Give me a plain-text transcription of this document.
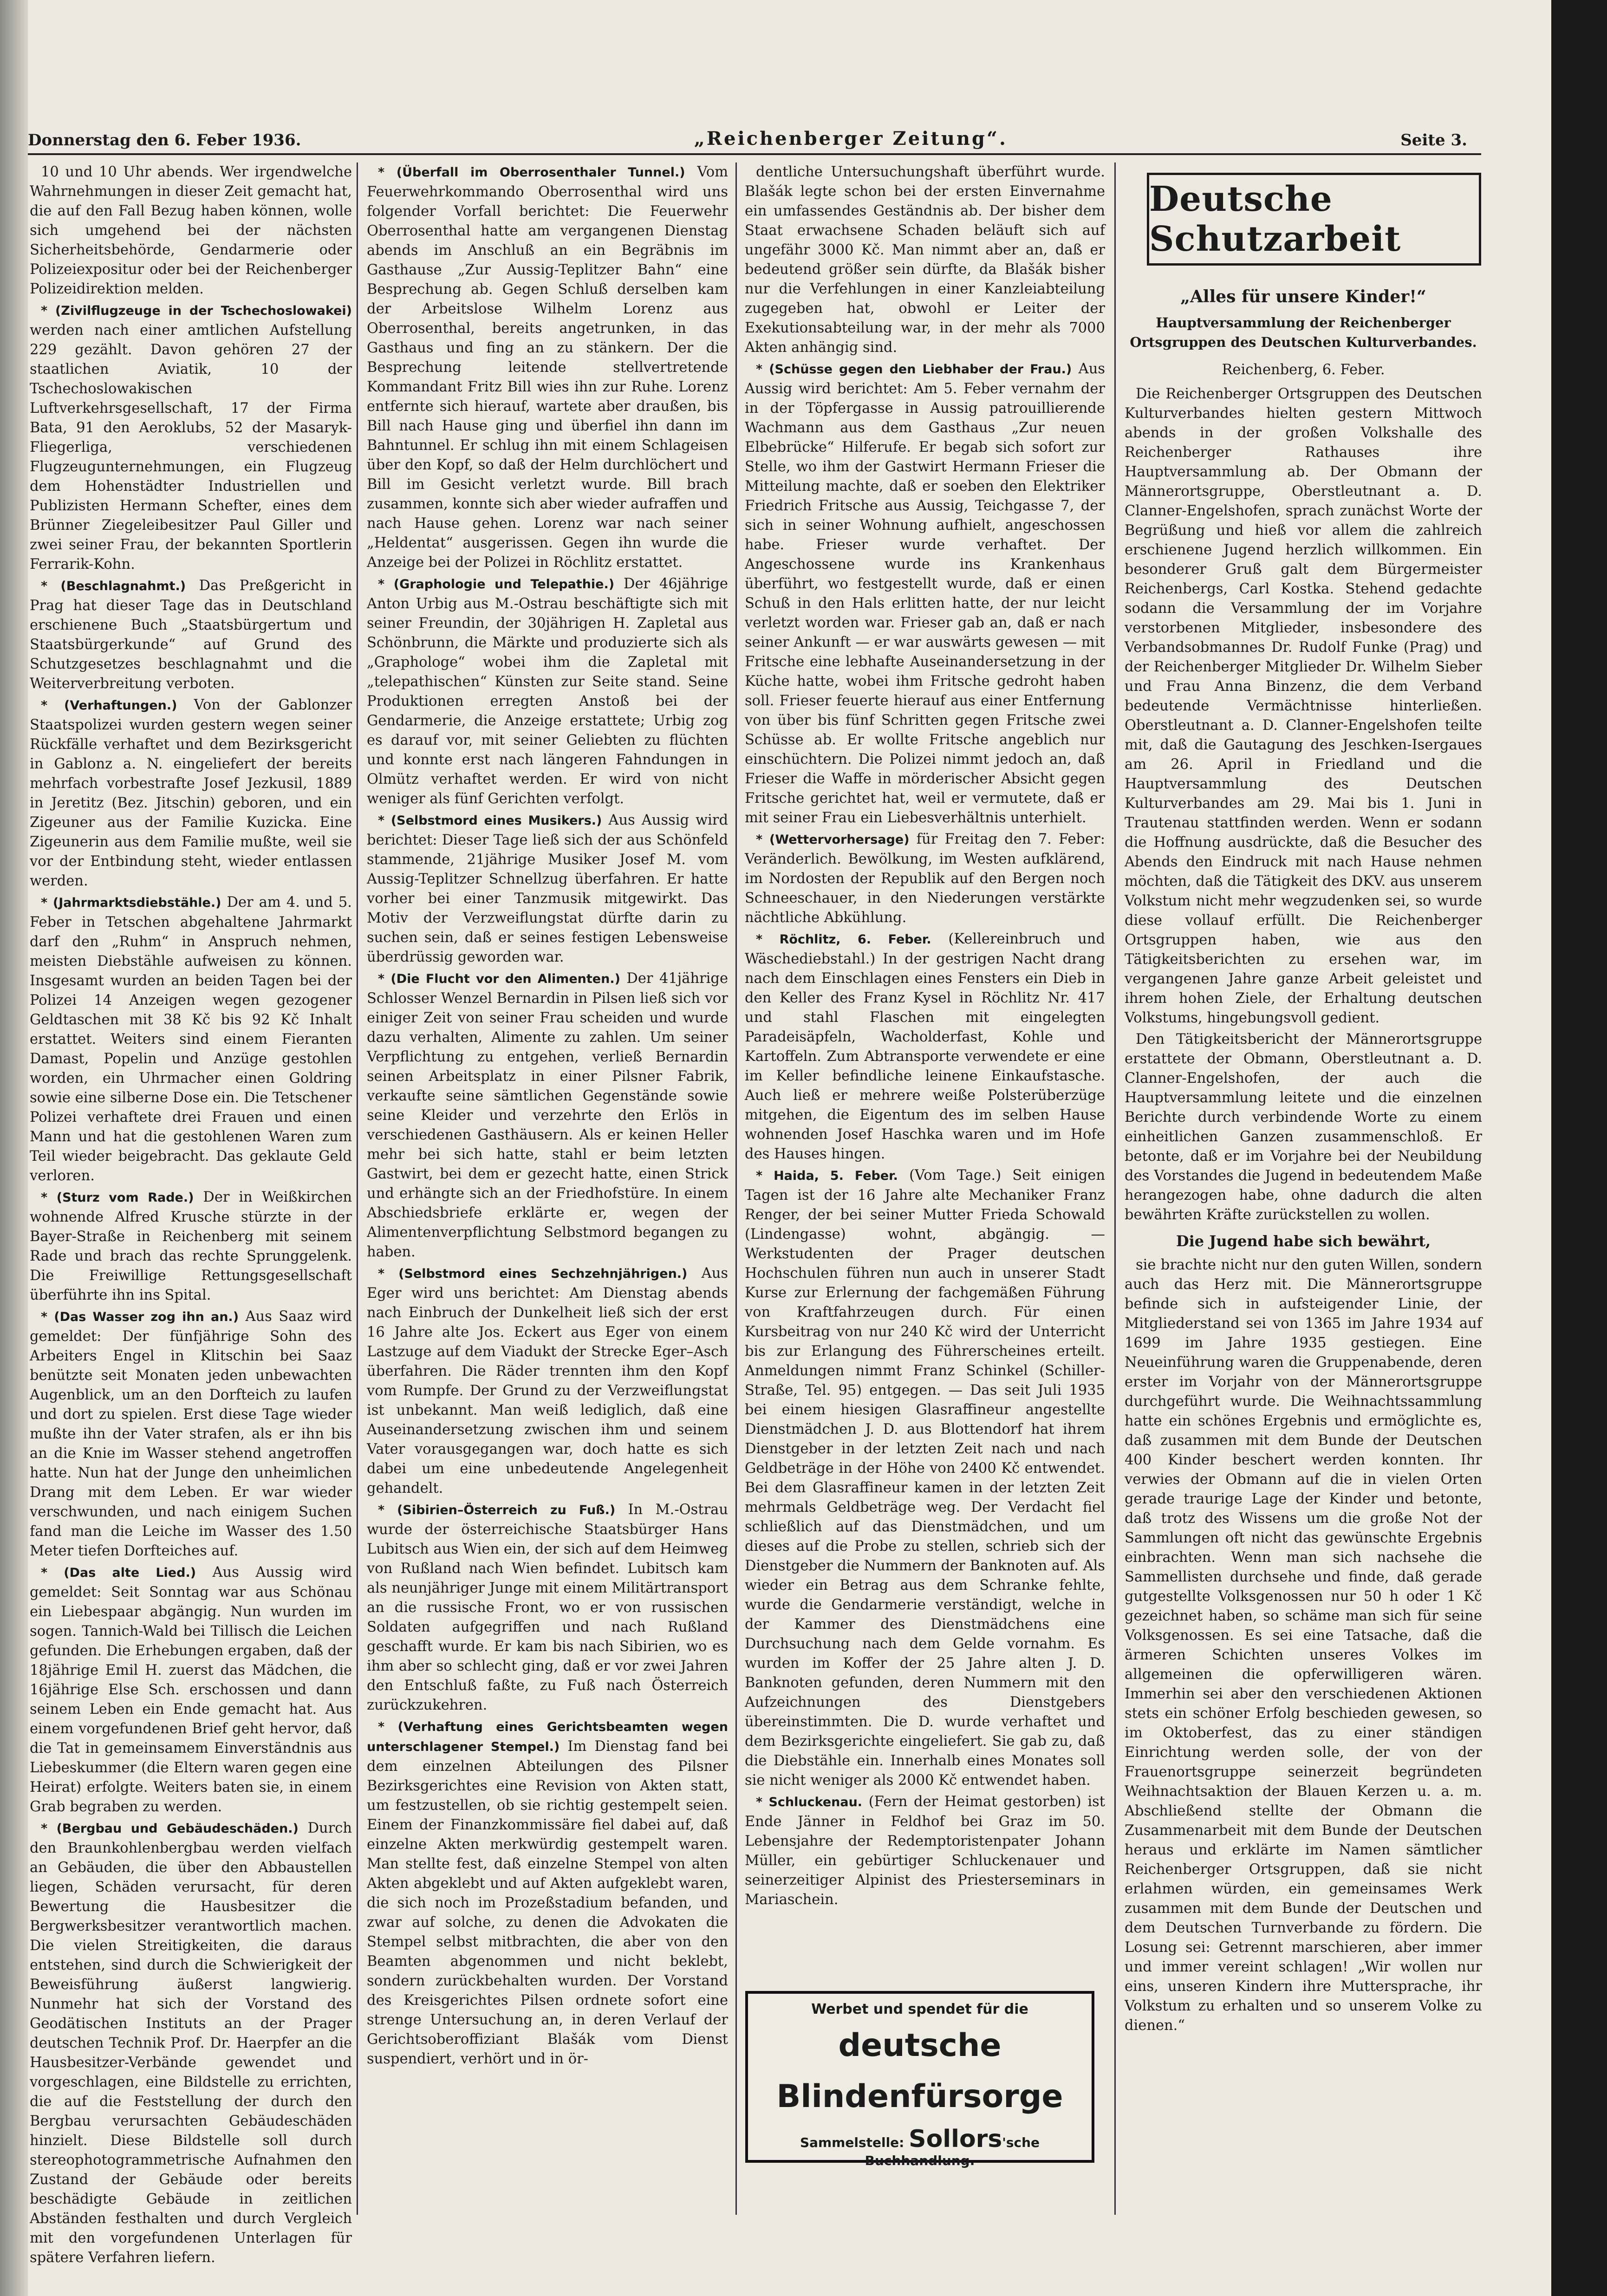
Donnerstag den 6. Feber 1936.	„Reichenberger Zeitung“.	Seite 3.

10 und 10 Uhr abends. Wer irgendwelche Wahrnehmungen in dieser Zeit gemacht hat, die auf den Fall Bezug haben können, wolle sich umgehend bei der nächsten Sicherheitsbehörde, Gendarmerie oder Polizeiexpositur oder bei der Reichenberger Polizeidirektion melden.

* (Zivilflugzeuge in der Tschechoslowakei) werden nach einer amtlichen Aufstellung 229 gezählt. Davon gehören 27 der staatlichen Aviatik, 10 der Tschechoslowakischen Luftverkehrsgesellschaft, 17 der Firma Bata, 91 den Aeroklubs, 52 der Masaryk-Fliegerliga, verschiedenen Flugzeugunternehmungen, ein Flugzeug dem Hohenstädter Industriellen und Publizisten Hermann Schefter, eines dem Brünner Ziegeleibesitzer Paul Giller und zwei seiner Frau, der bekannten Sportlerin Ferrarik-Kohn.

* (Beschlagnahmt.) Das Preßgericht in Prag hat dieser Tage das in Deutschland erschienene Buch „Staatsbürgertum und Staatsbürgerkunde“ auf Grund des Schutzgesetzes beschlagnahmt und die Weiterverbreitung verboten.

* (Verhaftungen.) Von der Gablonzer Staatspolizei wurden gestern wegen seiner Rückfälle verhaftet und dem Bezirksgericht in Gablonz a. N. eingeliefert der bereits mehrfach vorbestrafte Josef Jezkusil, 1889 in Jeretitz (Bez. Jitschin) geboren, und ein Zigeuner aus der Familie Kuzicka. Eine Zigeunerin aus dem Familie mußte, weil sie vor der Entbindung steht, wieder entlassen werden.

* (Jahrmarktsdiebstähle.) Der am 4. und 5. Feber in Tetschen abgehaltene Jahrmarkt darf den „Ruhm“ in Anspruch nehmen, meisten Diebstähle aufweisen zu können. Insgesamt wurden an beiden Tagen bei der Polizei 14 Anzeigen wegen gezogener Geldtaschen mit 38 Kč bis 92 Kč Inhalt erstattet. Weiters sind einem Fieranten Damast, Popelin und Anzüge gestohlen worden, ein Uhrmacher einen Goldring sowie eine silberne Dose ein. Die Tetschener Polizei verhaftete drei Frauen und einen Mann und hat die gestohlenen Waren zum Teil wieder beigebracht. Das geklaute Geld verloren.

* (Sturz vom Rade.) Der in Weißkirchen wohnende Alfred Krusche stürzte in der Bayer-Straße in Reichenberg mit seinem Rade und brach das rechte Sprunggelenk. Die Freiwillige Rettungsgesellschaft überführte ihn ins Spital.

* (Das Wasser zog ihn an.) Aus Saaz wird gemeldet: Der fünfjährige Sohn des Arbeiters Engel in Klitschin bei Saaz benützte seit Monaten jeden unbewachten Augenblick, um an den Dorfteich zu laufen und dort zu spielen. Erst diese Tage wieder mußte ihn der Vater strafen, als er ihn bis an die Knie im Wasser stehend angetroffen hatte. Nun hat der Junge den unheimlichen Drang mit dem Leben. Er war wieder verschwunden, und nach einigem Suchen fand man die Leiche im Wasser des 1.50 Meter tiefen Dorfteiches auf.

* (Das alte Lied.) Aus Aussig wird gemeldet: Seit Sonntag war aus Schönau ein Liebespaar abgängig. Nun wurden im sogen. Tannich-Wald bei Tillisch die Leichen gefunden. Die Erhebungen ergaben, daß der 18jährige Emil H. zuerst das Mädchen, die 16jährige Else Sch. erschossen und dann seinem Leben ein Ende gemacht hat. Aus einem vorgefundenen Brief geht hervor, daß die Tat in gemeinsamem Einverständnis aus Liebeskummer (die Eltern waren gegen eine Heirat) erfolgte. Weiters baten sie, in einem Grab begraben zu werden.

* (Bergbau und Gebäudeschäden.) Durch den Braunkohlenbergbau werden vielfach an Gebäuden, die über den Abbaustellen liegen, Schäden verursacht, für deren Bewertung die Hausbesitzer die Bergwerksbesitzer verantwortlich machen. Die vielen Streitigkeiten, die daraus entstehen, sind durch die Schwierigkeit der Beweisführung äußerst langwierig. Nunmehr hat sich der Vorstand des Geodätischen Instituts an der Prager deutschen Technik Prof. Dr. Haerpfer an die Hausbesitzer-Verbände gewendet und vorgeschlagen, eine Bildstelle zu errichten, die auf die Feststellung der durch den Bergbau verursachten Gebäudeschäden hinzielt. Diese Bildstelle soll durch stereophotogrammetrische Aufnahmen den Zustand der Gebäude oder bereits beschädigte Gebäude in zeitlichen Abständen festhalten und durch Vergleich mit den vorgefundenen Unterlagen für spätere Verfahren liefern.

* (Überfall im Oberrosenthaler Tunnel.) Vom Feuerwehrkommando Oberrosenthal wird uns folgender Vorfall berichtet: Die Feuerwehr Oberrosenthal hatte am vergangenen Dienstag abends im Anschluß an ein Begräbnis im Gasthause „Zur Aussig-Teplitzer Bahn“ eine Besprechung ab. Gegen Schluß derselben kam der Arbeitslose Wilhelm Lorenz aus Oberrosenthal, bereits angetrunken, in das Gasthaus und fing an zu stänkern. Der die Besprechung leitende stellvertretende Kommandant Fritz Bill wies ihn zur Ruhe. Lorenz entfernte sich hierauf, wartete aber draußen, bis Bill nach Hause ging und überfiel ihn dann im Bahntunnel. Er schlug ihn mit einem Schlageisen über den Kopf, so daß der Helm durchlöchert und Bill im Gesicht verletzt wurde. Bill brach zusammen, konnte sich aber wieder aufraffen und nach Hause gehen. Lorenz war nach seiner „Heldentat“ ausgerissen. Gegen ihn wurde die Anzeige bei der Polizei in Röchlitz erstattet.

* (Graphologie und Telepathie.) Der 46jährige Anton Urbig aus M.-Ostrau beschäftigte sich mit seiner Freundin, der 30jährigen H. Zapletal aus Schönbrunn, die Märkte und produzierte sich als „Graphologe“ wobei ihm die Zapletal mit „telepathischen“ Künsten zur Seite stand. Seine Produktionen erregten Anstoß bei der Gendarmerie, die Anzeige erstattete; Urbig zog es darauf vor, mit seiner Geliebten zu flüchten und konnte erst nach längeren Fahndungen in Olmütz verhaftet werden. Er wird von nicht weniger als fünf Gerichten verfolgt.

* (Selbstmord eines Musikers.) Aus Aussig wird berichtet: Dieser Tage ließ sich der aus Schönfeld stammende, 21jährige Musiker Josef M. vom Aussig-Teplitzer Schnellzug überfahren. Er hatte vorher bei einer Tanzmusik mitgewirkt. Das Motiv der Verzweiflungstat dürfte darin zu suchen sein, daß er seines festigen Lebensweise überdrüssig geworden war.

* (Die Flucht vor den Alimenten.) Der 41jährige Schlosser Wenzel Bernardin in Pilsen ließ sich vor einiger Zeit von seiner Frau scheiden und wurde dazu verhalten, Alimente zu zahlen. Um seiner Verpflichtung zu entgehen, verließ Bernardin seinen Arbeitsplatz in einer Pilsner Fabrik, verkaufte seine sämtlichen Gegenstände sowie seine Kleider und verzehrte den Erlös in verschiedenen Gasthäusern. Als er keinen Heller mehr bei sich hatte, stahl er beim letzten Gastwirt, bei dem er gezecht hatte, einen Strick und erhängte sich an der Friedhofstüre. In einem Abschiedsbriefe erklärte er, wegen der Alimentenverpflichtung Selbstmord begangen zu haben.

* (Selbstmord eines Sechzehnjährigen.) Aus Eger wird uns berichtet: Am Dienstag abends nach Einbruch der Dunkelheit ließ sich der erst 16 Jahre alte Jos. Eckert aus Eger von einem Lastzuge auf dem Viadukt der Strecke Eger–Asch überfahren. Die Räder trennten ihm den Kopf vom Rumpfe. Der Grund zu der Verzweiflungstat ist unbekannt. Man weiß lediglich, daß eine Auseinandersetzung zwischen ihm und seinem Vater vorausgegangen war, doch hatte es sich dabei um eine unbedeutende Angelegenheit gehandelt.

* (Sibirien–Österreich zu Fuß.) In M.-Ostrau wurde der österreichische Staatsbürger Hans Lubitsch aus Wien ein, der sich auf dem Heimweg von Rußland nach Wien befindet. Lubitsch kam als neunjähriger Junge mit einem Militärtransport an die russische Front, wo er von russischen Soldaten aufgegriffen und nach Rußland geschafft wurde. Er kam bis nach Sibirien, wo es ihm aber so schlecht ging, daß er vor zwei Jahren den Entschluß faßte, zu Fuß nach Österreich zurückzukehren.

* (Verhaftung eines Gerichtsbeamten wegen unterschlagener Stempel.) Im Dienstag fand bei dem einzelnen Abteilungen des Pilsner Bezirksgerichtes eine Revision von Akten statt, um festzustellen, ob sie richtig gestempelt seien. Einem der Finanzkommissäre fiel dabei auf, daß einzelne Akten merkwürdig gestempelt waren. Man stellte fest, daß einzelne Stempel von alten Akten abgeklebt und auf Akten aufgeklebt waren, die sich noch im Prozeßstadium befanden, und zwar auf solche, zu denen die Advokaten die Stempel selbst mitbrachten, die aber von den Beamten abgenommen und nicht beklebt, sondern zurückbehalten wurden. Der Vorstand des Kreisgerichtes Pilsen ordnete sofort eine strenge Untersuchung an, in deren Verlauf der Gerichtsoberoffiziant Blašák vom Dienst suspendiert, verhört und in ör-

dentliche Untersuchungshaft überführt wurde. Blašák legte schon bei der ersten Einvernahme ein umfassendes Geständnis ab. Der bisher dem Staat erwachsene Schaden beläuft sich auf ungefähr 3000 Kč. Man nimmt aber an, daß er bedeutend größer sein dürfte, da Blašák bisher nur die Verfehlungen in einer Kanzleiabteilung zugegeben hat, obwohl er Leiter der Exekutionsabteilung war, in der mehr als 7000 Akten anhängig sind.

* (Schüsse gegen den Liebhaber der Frau.) Aus Aussig wird berichtet: Am 5. Feber vernahm der in der Töpfergasse in Aussig patrouillierende Wachmann aus dem Gasthaus „Zur neuen Elbebrücke“ Hilferufe. Er begab sich sofort zur Stelle, wo ihm der Gastwirt Hermann Frieser die Mitteilung machte, daß er soeben den Elektriker Friedrich Fritsche aus Aussig, Teichgasse 7, der sich in seiner Wohnung aufhielt, angeschossen habe. Frieser wurde verhaftet. Der Angeschossene wurde ins Krankenhaus überführt, wo festgestellt wurde, daß er einen Schuß in den Hals erlitten hatte, der nur leicht verletzt worden war. Frieser gab an, daß er nach seiner Ankunft — er war auswärts gewesen — mit Fritsche eine lebhafte Auseinandersetzung in der Küche hatte, wobei ihm Fritsche gedroht haben soll. Frieser feuerte hierauf aus einer Entfernung von über bis fünf Schritten gegen Fritsche zwei Schüsse ab. Er wollte Fritsche angeblich nur einschüchtern. Die Polizei nimmt jedoch an, daß Frieser die Waffe in mörderischer Absicht gegen Fritsche gerichtet hat, weil er vermutete, daß er mit seiner Frau ein Liebesverhältnis unterhielt.

* (Wettervorhersage) für Freitag den 7. Feber: Veränderlich. Bewölkung, im Westen aufklärend, im Nordosten der Republik auf den Bergen noch Schneeschauer, in den Niederungen verstärkte nächtliche Abkühlung.

* Röchlitz, 6. Feber. (Kellereinbruch und Wäschediebstahl.) In der gestrigen Nacht drang nach dem Einschlagen eines Fensters ein Dieb in den Keller des Franz Kysel in Röchlitz Nr. 417 und stahl Flaschen mit eingelegten Paradeisäpfeln, Wacholderfast, Kohle und Kartoffeln. Zum Abtransporte verwendete er eine im Keller befindliche leinene Einkaufstasche. Auch ließ er mehrere weiße Polsterüberzüge mitgehen, die Eigentum des im selben Hause wohnenden Josef Haschka waren und im Hofe des Hauses hingen.

* Haida, 5. Feber. (Vom Tage.) Seit einigen Tagen ist der 16 Jahre alte Mechaniker Franz Renger, der bei seiner Mutter Frieda Schowald (Lindengasse) wohnt, abgängig. — Werkstudenten der Prager deutschen Hochschulen führen nun auch in unserer Stadt Kurse zur Erlernung der fachgemäßen Führung von Kraftfahrzeugen durch. Für einen Kursbeitrag von nur 240 Kč wird der Unterricht bis zur Erlangung des Führerscheines erteilt. Anmeldungen nimmt Franz Schinkel (Schiller-Straße, Tel. 95) entgegen. — Das seit Juli 1935 bei einem hiesigen Glasraffineur angestellte Dienstmädchen J. D. aus Blottendorf hat ihrem Dienstgeber in der letzten Zeit nach und nach Geldbeträge in der Höhe von 2400 Kč entwendet. Bei dem Glasraffineur kamen in der letzten Zeit mehrmals Geldbeträge weg. Der Verdacht fiel schließlich auf das Dienstmädchen, und um dieses auf die Probe zu stellen, schrieb sich der Dienstgeber die Nummern der Banknoten auf. Als wieder ein Betrag aus dem Schranke fehlte, wurde die Gendarmerie verständigt, welche in der Kammer des Dienstmädchens eine Durchsuchung nach dem Gelde vornahm. Es wurden im Koffer der 25 Jahre alten J. D. Banknoten gefunden, deren Nummern mit den Aufzeichnungen des Dienstgebers übereinstimmten. Die D. wurde verhaftet und dem Bezirksgerichte eingeliefert. Sie gab zu, daß die Diebstähle ein. Innerhalb eines Monates soll sie nicht weniger als 2000 Kč entwendet haben.

* Schluckenau. (Fern der Heimat gestorben) ist Ende Jänner in Feldhof bei Graz im 50. Lebensjahre der Redemptoristenpater Johann Müller, ein gebürtiger Schluckenauer und seinerzeitiger Alpinist des Priesterseminars in Mariaschein.

Werbet und spendet für die
deutsche Blindenfürsorge
Sammelstelle: Sollors'sche Buchhandlung.
Deutsche Schutzarbeit

„Alles für unsere Kinder!“

Hauptversammlung der Reichenberger Ortsgruppen des Deutschen Kulturverbandes.

Reichenberg, 6. Feber.

Die Reichenberger Ortsgruppen des Deutschen Kulturverbandes hielten gestern Mittwoch abends in der großen Volkshalle des Reichenberger Rathauses ihre Hauptversammlung ab. Der Obmann der Männerortsgruppe, Oberstleutnant a. D. Clanner-Engelshofen, sprach zunächst Worte der Begrüßung und hieß vor allem die zahlreich erschienene Jugend herzlich willkommen. Ein besonderer Gruß galt dem Bürgermeister Reichenbergs, Carl Kostka. Stehend gedachte sodann die Versammlung der im Vorjahre verstorbenen Mitglieder, insbesondere des Verbandsobmannes Dr. Rudolf Funke (Prag) und der Reichenberger Mitglieder Dr. Wilhelm Sieber und Frau Anna Binzenz, die dem Verband bedeutende Vermächtnisse hinterließen. Oberstleutnant a. D. Clanner-Engelshofen teilte mit, daß die Gautagung des Jeschken-Isergaues am 26. April in Friedland und die Hauptversammlung des Deutschen Kulturverbandes am 29. Mai bis 1. Juni in Trautenau stattfinden werden. Wenn er sodann die Hoffnung ausdrückte, daß die Besucher des Abends den Eindruck mit nach Hause nehmen möchten, daß die Tätigkeit des DKV. aus unserem Volkstum nicht mehr wegzudenken sei, so wurde diese vollauf erfüllt. Die Reichenberger Ortsgruppen haben, wie aus den Tätigkeitsberichten zu ersehen war, im vergangenen Jahre ganze Arbeit geleistet und ihrem hohen Ziele, der Erhaltung deutschen Volkstums, hingebungsvoll gedient.

Den Tätigkeitsbericht der Männerortsgruppe erstattete der Obmann, Oberstleutnant a. D. Clanner-Engelshofen, der auch die Hauptversammlung leitete und die einzelnen Berichte durch verbindende Worte zu einem einheitlichen Ganzen zusammenschloß. Er betonte, daß er im Vorjahre bei der Neubildung des Vorstandes die Jugend in bedeutendem Maße herangezogen habe, ohne dadurch die alten bewährten Kräfte zurückstellen zu wollen.

Die Jugend habe sich bewährt,

sie brachte nicht nur den guten Willen, sondern auch das Herz mit. Die Männerortsgruppe befinde sich in aufsteigender Linie, der Mitgliederstand sei von 1365 im Jahre 1934 auf 1699 im Jahre 1935 gestiegen. Eine Neueinführung waren die Gruppenabende, deren erster im Vorjahr von der Männerortsgruppe durchgeführt wurde. Die Weihnachtssammlung hatte ein schönes Ergebnis und ermöglichte es, daß zusammen mit dem Bunde der Deutschen 400 Kinder beschert werden konnten. Ihr verwies der Obmann auf die in vielen Orten gerade traurige Lage der Kinder und betonte, daß trotz des Wissens um die große Not der Sammlungen oft nicht das gewünschte Ergebnis einbrachten. Wenn man sich nachsehe die Sammellisten durchsehe und finde, daß gerade gutgestellte Volksgenossen nur 50 h oder 1 Kč gezeichnet haben, so schäme man sich für seine Volksgenossen. Es sei eine Tatsache, daß die ärmeren Schichten unseres Volkes im allgemeinen die opferwilligeren wären. Immerhin sei aber den verschiedenen Aktionen stets ein schöner Erfolg beschieden gewesen, so im Oktoberfest, das zu einer ständigen Einrichtung werden solle, der von der Frauenortsgruppe seinerzeit begründeten Weihnachtsaktion der Blauen Kerzen u. a. m. Abschließend stellte der Obmann die Zusammenarbeit mit dem Bunde der Deutschen heraus und erklärte im Namen sämtlicher Reichenberger Ortsgruppen, daß sie nicht erlahmen würden, ein gemeinsames Werk zusammen mit dem Bunde der Deutschen und dem Deutschen Turnverbande zu fördern. Die Losung sei: Getrennt marschieren, aber immer und immer vereint schlagen! „Wir wollen nur eins, unseren Kindern ihre Muttersprache, ihr Volkstum zu erhalten und so unserem Volke zu dienen.“
